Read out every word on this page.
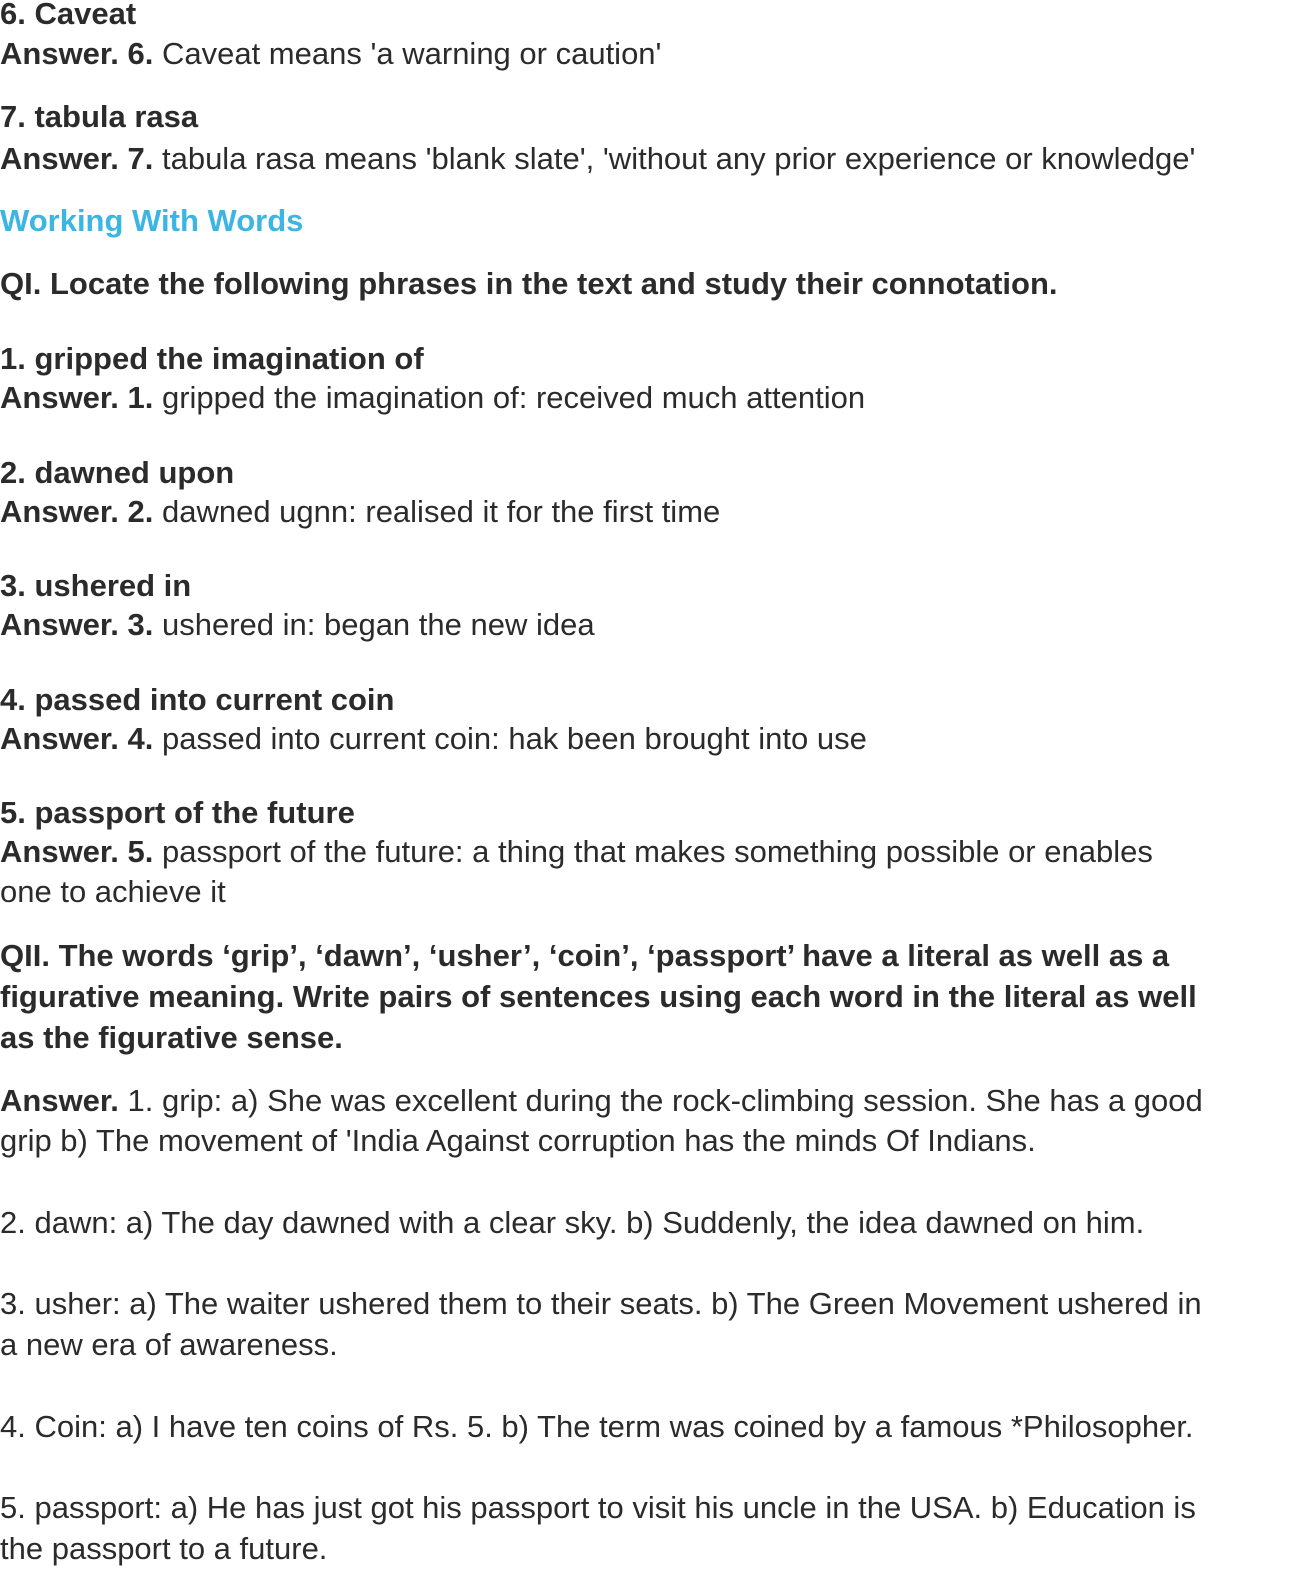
6. Caveat
Answer. 6. Caveat means 'a warning or caution'
7. tabula rasa
Answer. 7. tabula rasa means 'blank slate', 'without any prior experience or knowledge'
Working With Words
QI. Locate the following phrases in the text and study their connotation.
1. gripped the imagination of
Answer. 1. gripped the imagination of: received much attention
2. dawned upon
Answer. 2. dawned ugnn: realised it for the first time
3. ushered in
Answer. 3. ushered in: began the new idea
4. passed into current coin
Answer. 4. passed into current coin: hak been brought into use
5. passport of the future
Answer. 5. passport of the future: a thing that makes something possible or enables
one to achieve it
QII. The words ‘grip’, ‘dawn’, ‘usher’, ‘coin’, ‘passport’ have a literal as well as a
figurative meaning. Write pairs of sentences using each word in the literal as well
as the figurative sense.
Answer. 1. grip: a) She was excellent during the rock-climbing session. She has a good
grip b) The movement of 'India Against corruption has the minds Of Indians.
2. dawn: a) The day dawned with a clear sky. b) Suddenly, the idea dawned on him.
3. usher: a) The waiter ushered them to their seats. b) The Green Movement ushered in
a new era of awareness.
4. Coin: a) I have ten coins of Rs. 5. b) The term was coined by a famous *Philosopher.
5. passport: a) He has just got his passport to visit his uncle in the USA. b) Education is
the passport to a future.
